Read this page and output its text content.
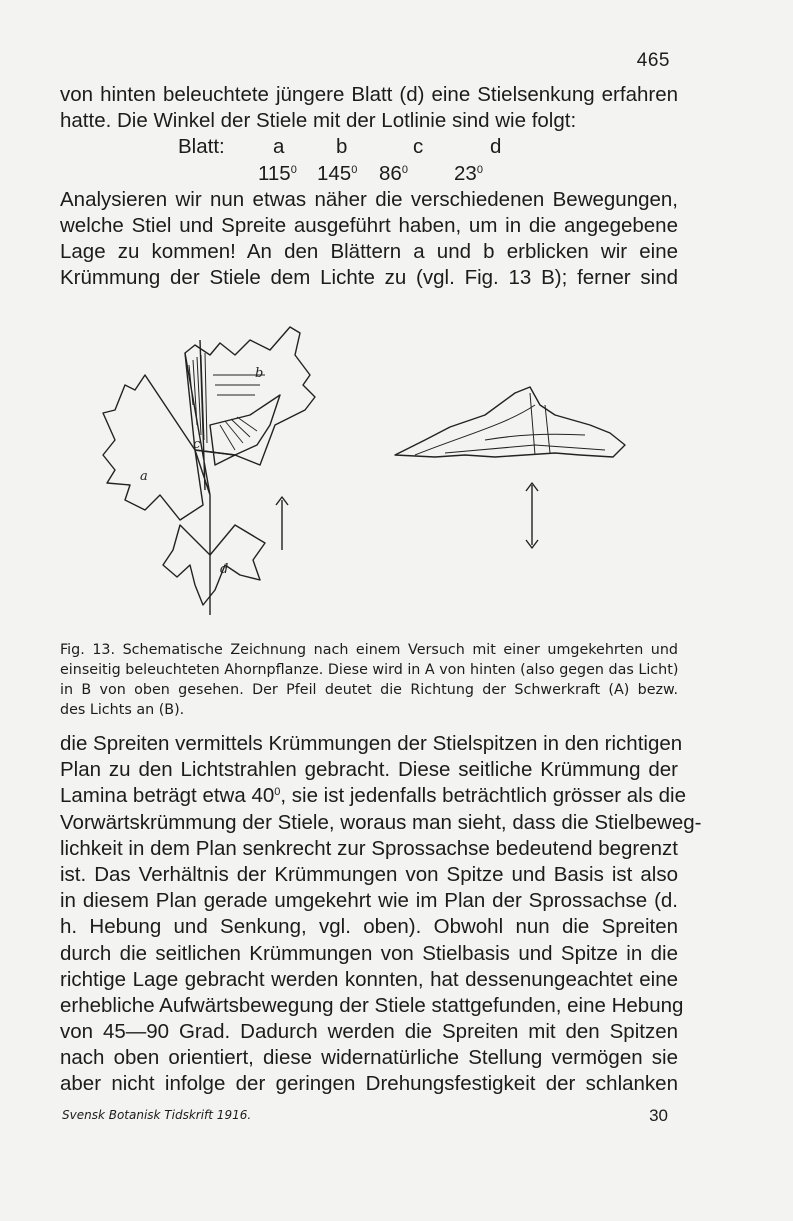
465
von hinten beleuchtete jüngere Blatt (d) eine Stielsenkung erfahren
hatte. Die Winkel der Stiele mit der Lotlinie sind wie folgt:
Blatt: a	b	c	d
$115^0$ $145^0$ $86^0$ $23^0$
Analysieren wir nun etwas näher die verschiedenen Bewegungen,
welche Stiel und Spreite ausgeführt haben, um in die angegebene
Lage zu kommen! An den Blättern a und b erblicken wir eine
Krümmung der Stiele dem Lichte zu (vgl. Fig. 13 B); ferner sind
a
b
c
d
Fig. 13. Schematische Zeichnung nach einem Versuch mit einer umgekehrten und
einseitig beleuchteten Ahornpflanze. Diese wird in A von hinten (also gegen das Licht)
in B von oben gesehen. Der Pfeil deutet die Richtung der Schwerkraft (A) bezw.
des Lichts an (B).
die Spreiten vermittels Krümmungen der Stielspitzen in den richtigen
Plan zu den Lichtstrahlen gebracht. Diese seitliche Krümmung der
Lamina beträgt etwa $40^0$, sie ist jedenfalls beträchtlich grösser als die
Vorwärtskrümmung der Stiele, woraus man sieht, dass die Stielbeweg-
lichkeit in dem Plan senkrecht zur Sprossachse bedeutend begrenzt
ist. Das Verhältnis der Krümmungen von Spitze und Basis ist also
in diesem Plan gerade umgekehrt wie im Plan der Sprossachse (d.
h. Hebung und Senkung, vgl. oben). Obwohl nun die Spreiten
durch die seitlichen Krümmungen von Stielbasis und Spitze in die
richtige Lage gebracht werden konnten, hat dessenungeachtet eine
erhebliche Aufwärtsbewegung der Stiele stattgefunden, eine Hebung
von 45—90 Grad. Dadurch werden die Spreiten mit den Spitzen
nach oben orientiert, diese widernatürliche Stellung vermögen sie
aber nicht infolge der geringen Drehungsfestigkeit der schlanken
Svensk Botanisk Tidskrift 1916.	30
